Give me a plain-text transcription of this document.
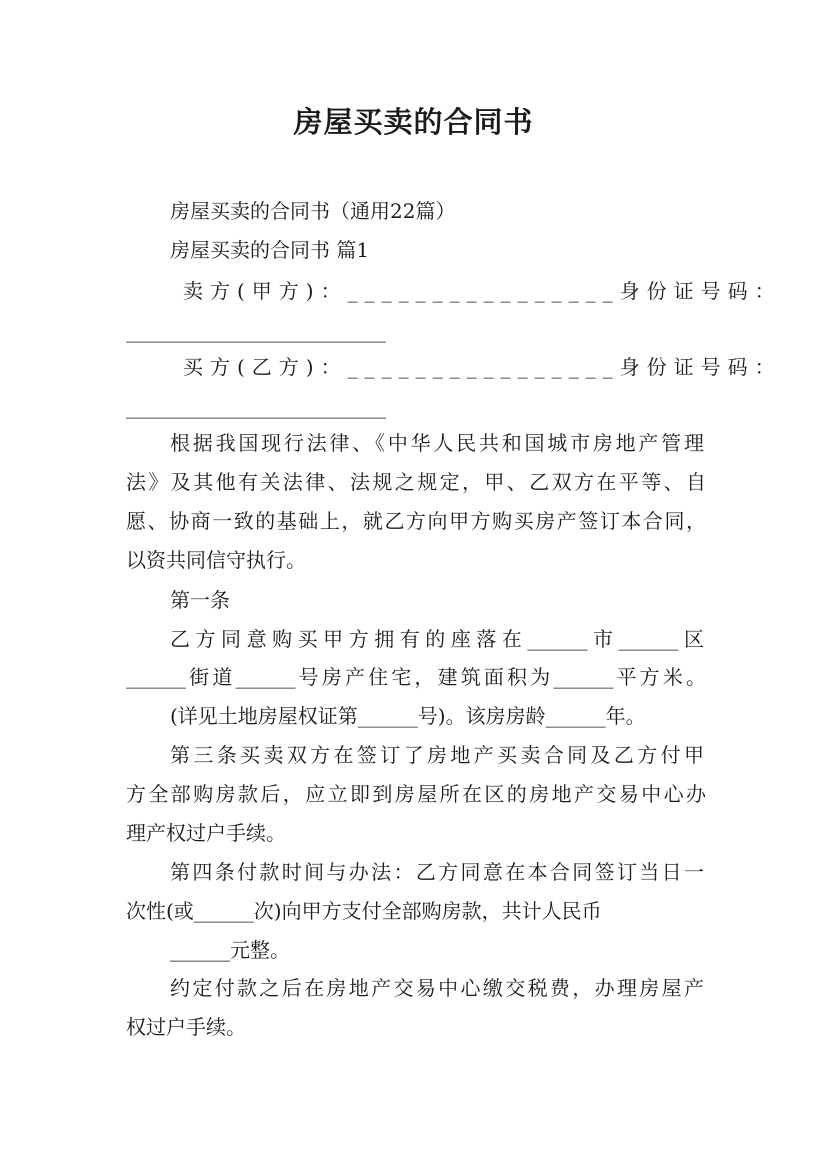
房屋买卖的合同书
房屋买卖的合同书（通用22篇）
房屋买卖的合同书 篇1
卖方(甲方)：________________身份证号码：
__________________________
买方(乙方)：________________身份证号码：
__________________________
根据我国现行法律、《中华人民共和国城市房地产管理
法》及其他有关法律、法规之规定，甲、乙双方在平等、自
愿、协商一致的基础上，就乙方向甲方购买房产签订本合同，
以资共同信守执行。
第一条
乙方同意购买甲方拥有的座落在______市______区
______街道______号房产住宅，建筑面积为______平方米。
(详见土地房屋权证第______号)。该房房龄______年。
第三条买卖双方在签订了房地产买卖合同及乙方付甲
方全部购房款后，应立即到房屋所在区的房地产交易中心办
理产权过户手续。
第四条付款时间与办法：乙方同意在本合同签订当日一
次性(或______次)向甲方支付全部购房款，共计人民币
______元整。
约定付款之后在房地产交易中心缴交税费，办理房屋产
权过户手续。
